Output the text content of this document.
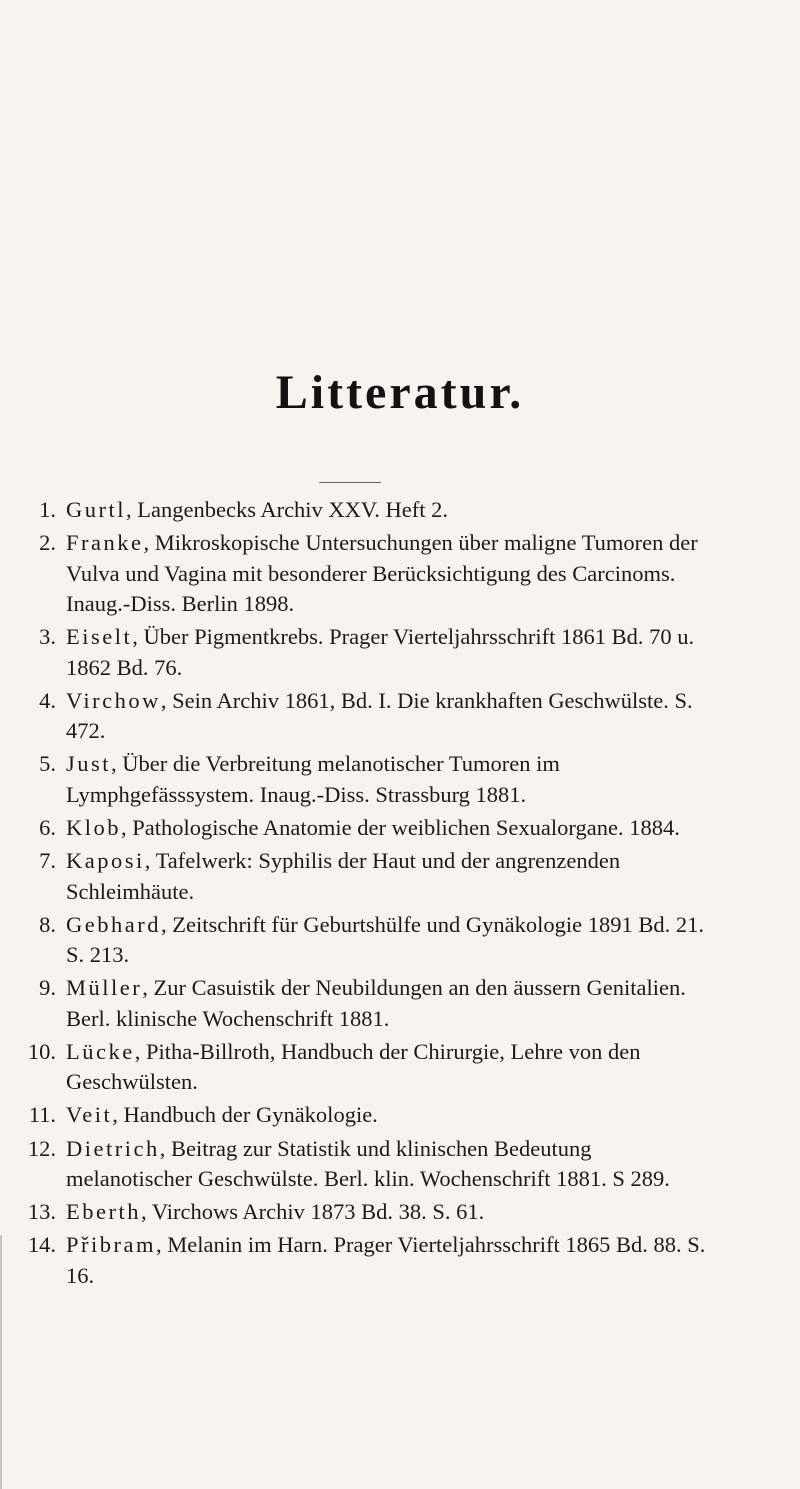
Litteratur.
1. Gurtl, Langenbecks Archiv XXV. Heft 2.
2. Franke, Mikroskopische Untersuchungen über maligne Tumoren der Vulva und Vagina mit besonderer Berücksichtigung des Carcinoms. Inaug.-Diss. Berlin 1898.
3. Eiselt, Über Pigmentkrebs. Prager Vierteljahrsschrift 1861 Bd. 70 u. 1862 Bd. 76.
4. Virchow, Sein Archiv 1861, Bd. I. Die krankhaften Geschwülste. S. 472.
5. Just, Über die Verbreitung melanotischer Tumoren im Lymphgefässsystem. Inaug.-Diss. Strassburg 1881.
6. Klob, Pathologische Anatomie der weiblichen Sexualorgane. 1884.
7. Kaposi, Tafelwerk: Syphilis der Haut und der angrenzenden Schleimhäute.
8. Gebhard, Zeitschrift für Geburtshülfe und Gynäkologie 1891 Bd. 21. S. 213.
9. Müller, Zur Casuistik der Neubildungen an den äussern Genitalien. Berl. klinische Wochenschrift 1881.
10. Lücke, Pitha-Billroth, Handbuch der Chirurgie, Lehre von den Geschwülsten.
11. Veit, Handbuch der Gynäkologie.
12. Dietrich, Beitrag zur Statistik und klinischen Bedeutung melanotischer Geschwülste. Berl. klin. Wochenschrift 1881. S 289.
13. Eberth, Virchows Archiv 1873 Bd. 38. S. 61.
14. Přibram, Melanin im Harn. Prager Vierteljahrsschrift 1865 Bd. 88. S. 16.
